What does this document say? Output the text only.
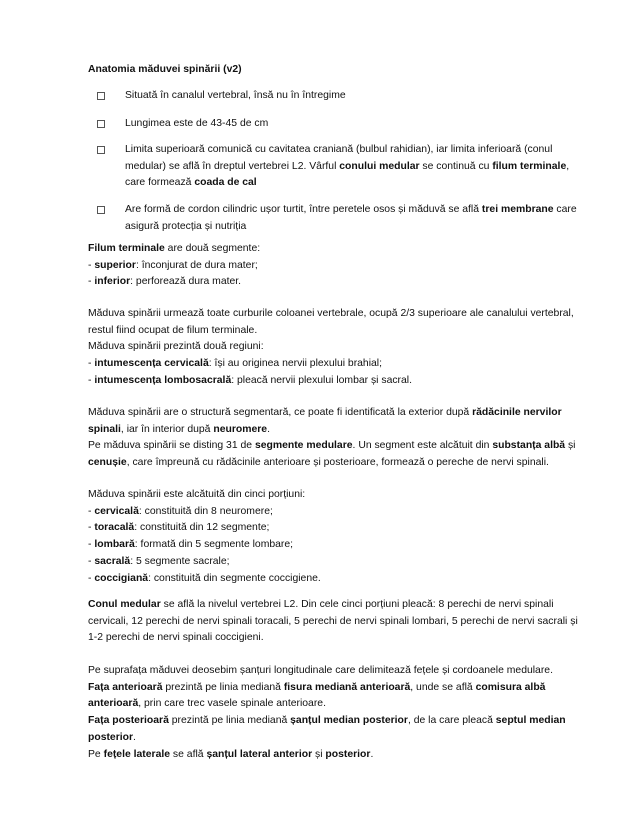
Anatomia măduvei spinării (v2)
Situată în canalul vertebral, însă nu în întregime
Lungimea este de 43-45 de cm
Limita superioară comunică cu cavitatea craniană (bulbul rahidian), iar limita inferioară (conul medular) se află în dreptul vertebrei L2. Vârful conului medular se continuă cu filum terminale, care formează coada de cal
Are formă de cordon cilindric ușor turtit, între peretele osos și măduvă se află trei membrane care asigură protecția și nutriția
Filum terminale are două segmente:
- superior: înconjurat de dura mater;
- inferior: perforează dura mater.
Măduva spinării urmează toate curburile coloanei vertebrale, ocupă 2/3 superioare ale canalului vertebral,
restul fiind ocupat de filum terminale.
Măduva spinării prezintă două regiuni:
- intumescența cervicală: își au originea nervii plexului brahial;
- intumescența lombosacrală: pleacă nervii plexului lombar și sacral.
Măduva spinării are o structură segmentară, ce poate fi identificată la exterior după rădăcinile nervilor
spinali, iar în interior după neuromere.
Pe măduva spinării se disting 31 de segmente medulare. Un segment este alcătuit din substanța albă și
cenușie, care împreună cu rădăcinile anterioare și posterioare, formează o pereche de nervi spinali.
Măduva spinării este alcătuită din cinci porțiuni:
- cervicală: constituită din 8 neuromere;
- toracală: constituită din 12 segmente;
- lombară: formată din 5 segmente lombare;
- sacrală: 5 segmente sacrale;
- coccigiană: constituită din segmente coccigiene.
Conul medular se află la nivelul vertebrei L2. Din cele cinci porțiuni pleacă: 8 perechi de nervi spinali
cervicali, 12 perechi de nervi spinali toracali, 5 perechi de nervi spinali lombari, 5 perechi de nervi sacrali și
1-2 perechi de nervi spinali coccigieni.
Pe suprafața măduvei deosebim șanțuri longitudinale care delimitează fețele și cordoanele medulare.
Fața anterioară prezintă pe linia mediană fisura mediană anterioară, unde se află comisura albă
anterioară, prin care trec vasele spinale anterioare.
Fața posterioară prezintă pe linia mediană șanțul median posterior, de la care pleacă septul median
posterior.
Pe fețele laterale se află șanțul lateral anterior și posterior.
